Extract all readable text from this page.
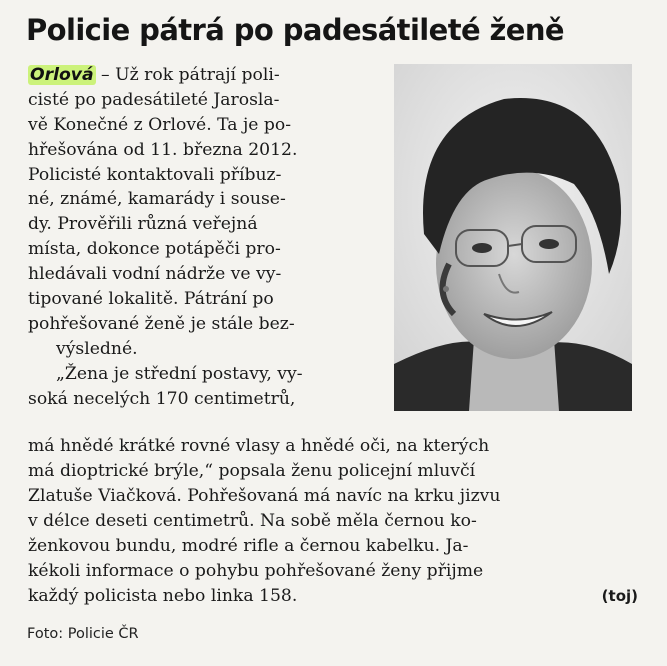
Policie pátrá po padesátileté ženě
Orlová – Už rok pátrají poli-
cisté po padesátileté Jarosla-
vě Konečné z Orlové. Ta je po-
hřešována od 11. března 2012.
Policisté kontaktovali příbuz-
né, známé, kamarády i souse-
dy. Prověřili různá veřejná
místa, dokonce potápěči pro-
hledávali vodní nádrže ve vy-
tipované lokalitě. Pátrání po
pohřešované ženě je stále bez-
výsledné.
„Žena je střední postavy, vy-
soká necelých 170 centimetrů,
má hnědé krátké rovné vlasy a hnědé oči, na kterých
má dioptrické brýle,“ popsala ženu policejní mluvčí
Zlatuše Viačková. Pohřešovaná má navíc na krku jizvu
v délce deseti centimetrů. Na sobě měla černou ko-
ženkovou bundu, modré rifle a černou kabelku. Ja-
kékoli informace o pohybu pohřešované ženy přijme
každý policista nebo linka 158.	(toj)
Foto: Policie ČR
